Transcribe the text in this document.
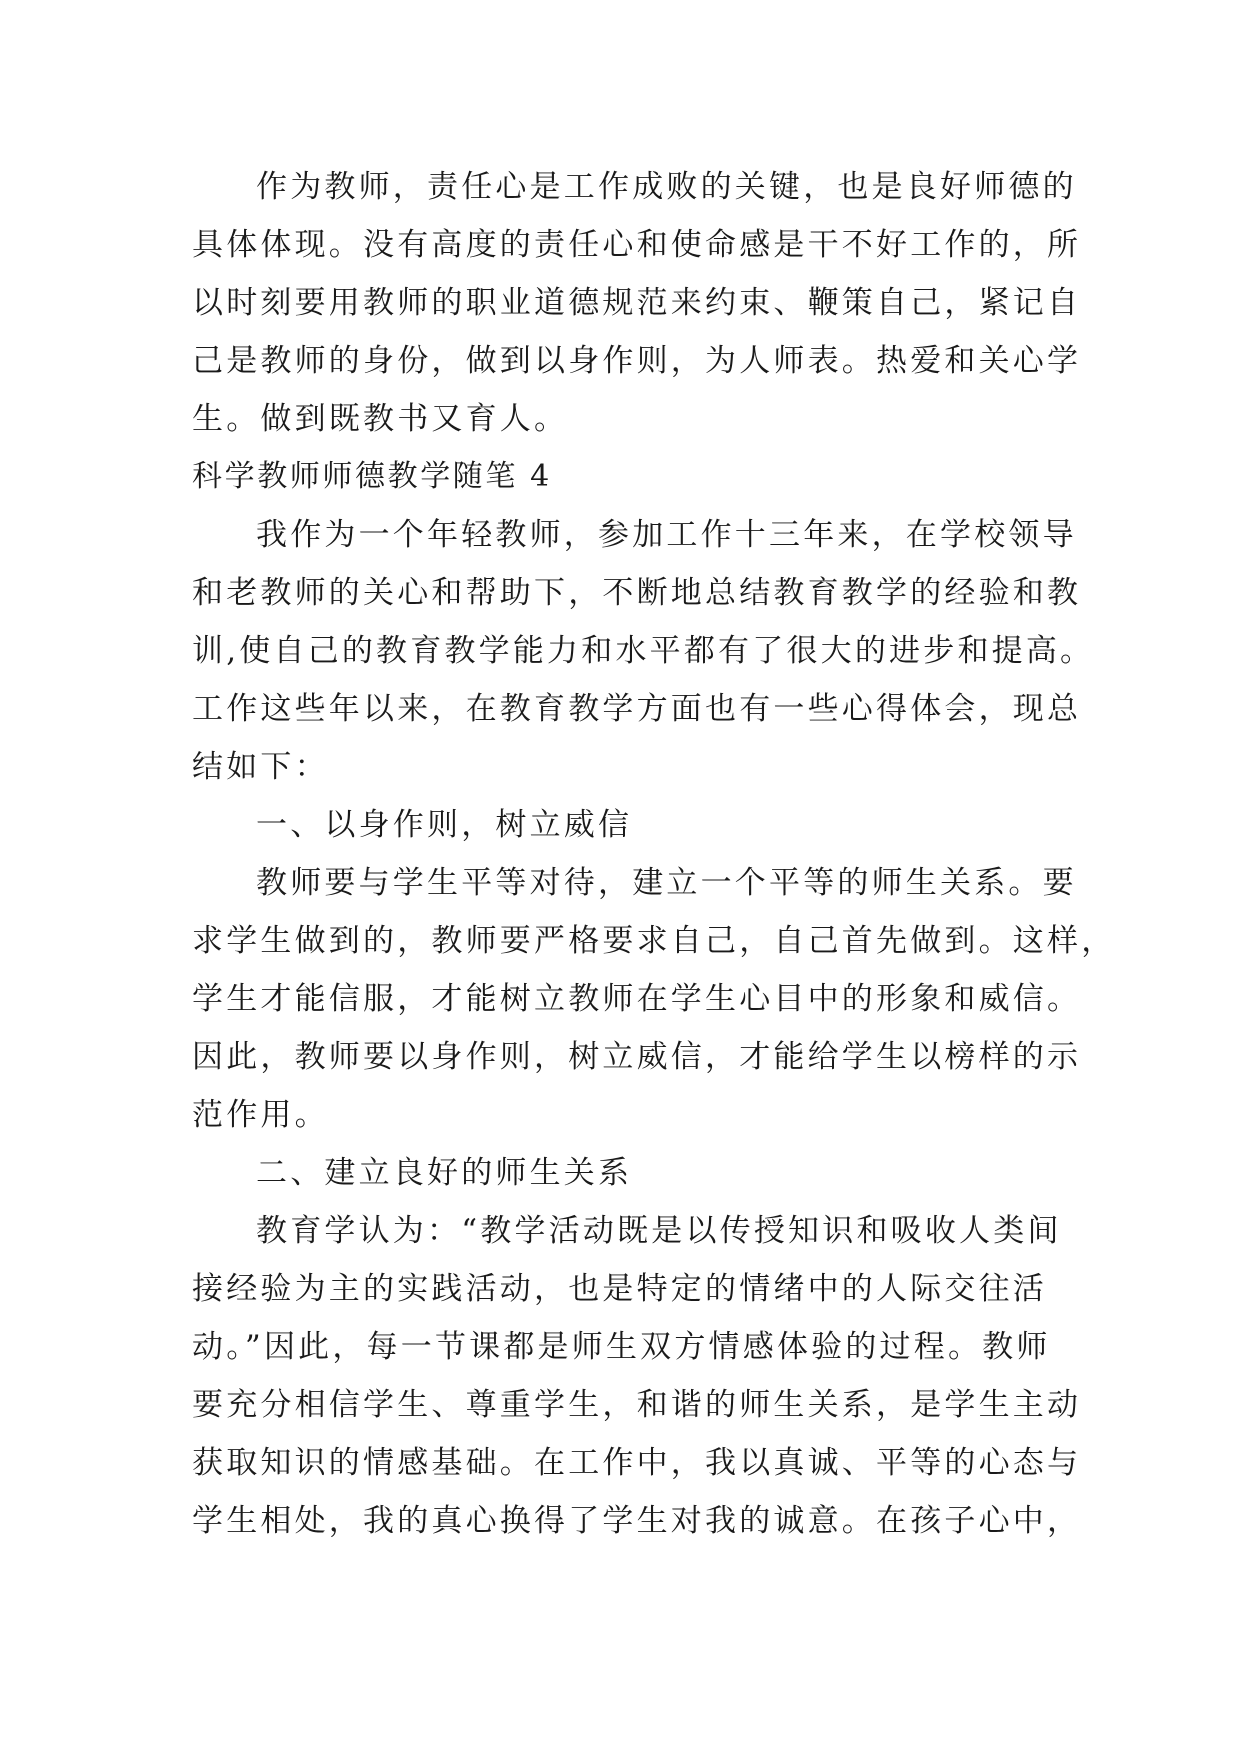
作为教师，责任心是工作成败的关键，也是良好师德的

具体体现。没有高度的责任心和使命感是干不好工作的，所

以时刻要用教师的职业道德规范来约束、鞭策自己，紧记自

己是教师的身份，做到以身作则，为人师表。热爱和关心学

生。做到既教书又育人。

科学教师师德教学随笔 4

我作为一个年轻教师，参加工作十三年来，在学校领导

和老教师的关心和帮助下，不断地总结教育教学的经验和教

训,使自己的教育教学能力和水平都有了很大的进步和提高。

工作这些年以来，在教育教学方面也有一些心得体会，现总

结如下：

一、以身作则，树立威信

教师要与学生平等对待，建立一个平等的师生关系。要

求学生做到的，教师要严格要求自己，自己首先做到。这样，

学生才能信服，才能树立教师在学生心目中的形象和威信。

因此，教师要以身作则，树立威信，才能给学生以榜样的示

范作用。

二、建立良好的师生关系

教育学认为：“教学活动既是以传授知识和吸收人类间

接经验为主的实践活动，也是特定的情绪中的人际交往活

动。”因此，每一节课都是师生双方情感体验的过程。教师

要充分相信学生、尊重学生，和谐的师生关系，是学生主动

获取知识的情感基础。在工作中，我以真诚、平等的心态与

学生相处，我的真心换得了学生对我的诚意。在孩子心中，
